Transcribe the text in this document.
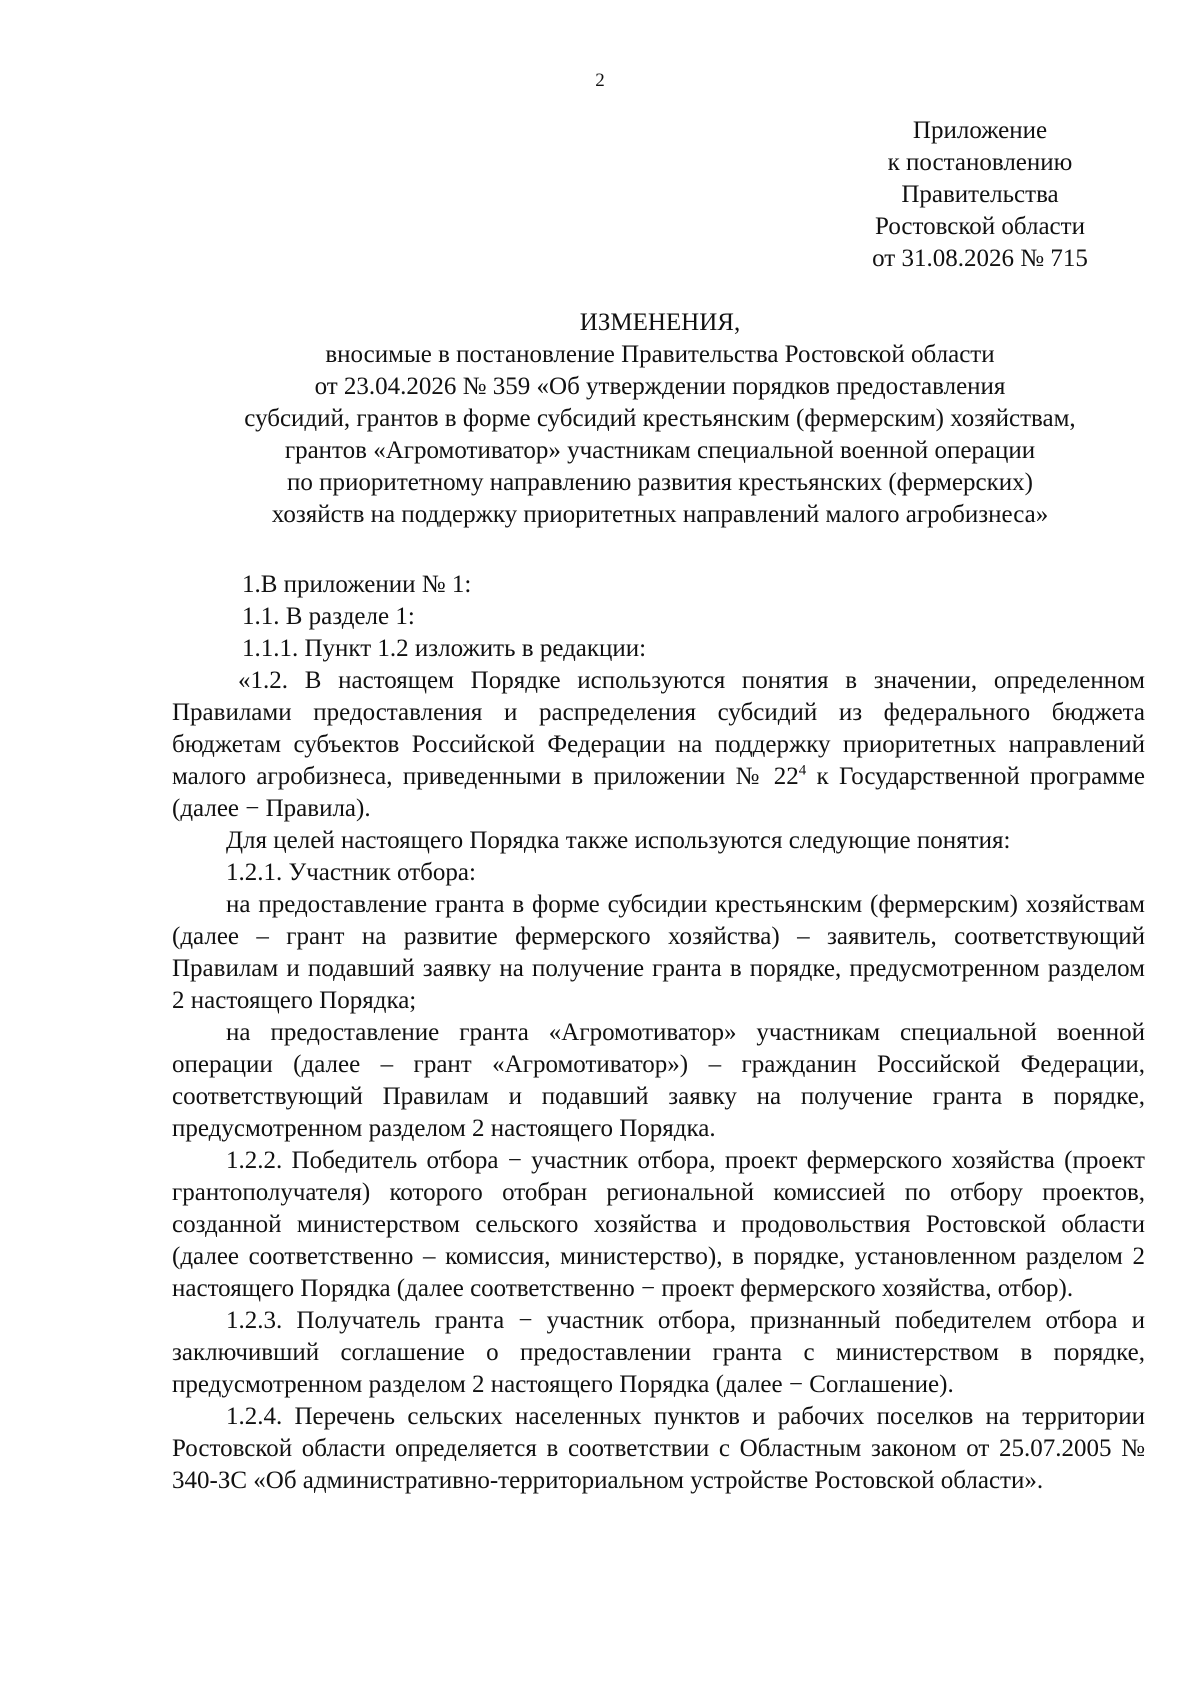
2
Приложение
к постановлению
Правительства
Ростовской области
от 31.08.2026 № 715
ИЗМЕНЕНИЯ,
вносимые в постановление Правительства Ростовской области
от 23.04.2026 № 359 «Об утверждении порядков предоставления
субсидий, грантов в форме субсидий крестьянским (фермерским) хозяйствам,
грантов «Агромотиватор» участникам специальной военной операции
по приоритетному направлению развития крестьянских (фермерских)
хозяйств на поддержку приоритетных направлений малого агробизнеса»

1.В приложении № 1:

1.1. В разделе 1:

1.1.1. Пункт 1.2 изложить в редакции:

«1.2. В настоящем Порядке используются понятия в значении, определенном Правилами предоставления и распределения субсидий из федерального бюджета бюджетам субъектов Российской Федерации на поддержку приоритетных направлений малого агробизнеса, приведенными в приложении № $22^4$ к Государственной программе (далее − Правила).

Для целей настоящего Порядка также используются следующие понятия:

1.2.1. Участник отбора:

на предоставление гранта в форме субсидии крестьянским (фермерским) хозяйствам (далее – грант на развитие фермерского хозяйства) – заявитель, соответствующий Правилам и подавший заявку на получение гранта в порядке, предусмотренном разделом 2 настоящего Порядка;

на предоставление гранта «Агромотиватор» участникам специальной военной операции (далее – грант «Агромотиватор») – гражданин Российской Федерации, соответствующий Правилам и подавший заявку на получение гранта в порядке, предусмотренном разделом 2 настоящего Порядка.

1.2.2. Победитель отбора − участник отбора, проект фермерского хозяйства (проект грантополучателя) которого отобран региональной комиссией по отбору проектов, созданной министерством сельского хозяйства и продовольствия Ростовской области (далее соответственно – комиссия, министерство), в порядке, установленном разделом 2 настоящего Порядка (далее соответственно − проект фермерского хозяйства, отбор).

1.2.3. Получатель гранта − участник отбора, признанный победителем отбора и заключивший соглашение о предоставлении гранта с министерством в порядке, предусмотренном разделом 2 настоящего Порядка (далее − Соглашение).

1.2.4. Перечень сельских населенных пунктов и рабочих поселков на территории Ростовской области определяется в соответствии с Областным законом от 25.07.2005 № 340-ЗС «Об административно-территориальном устройстве Ростовской области».
